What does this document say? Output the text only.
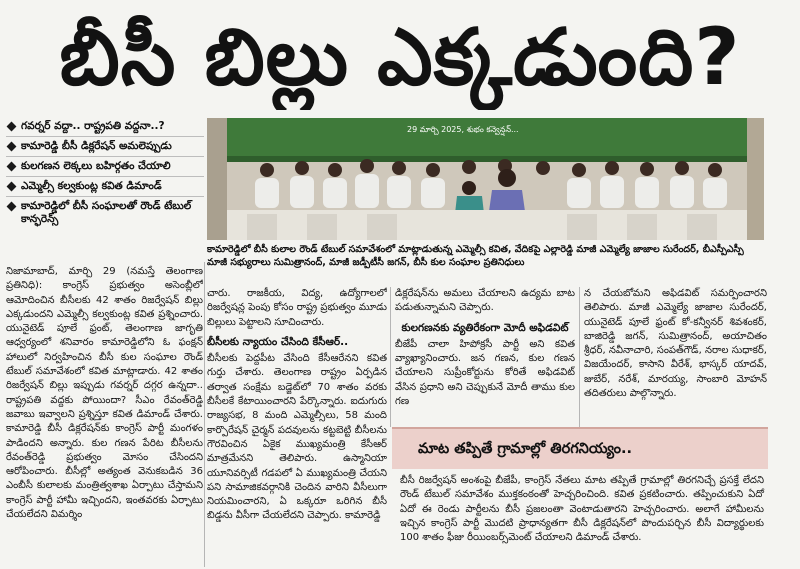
బీసీ బిల్లు ఎక్కడుంది?
గవర్నర్ వద్దా.. రాష్ట్రపతి వద్దనా..?
కామారెడ్డి బీసీ డిక్లరేషన్ అమలెప్పుడు
కులగణన లెక్కలు బహిర్గతం చేయాలి
ఎమ్మెల్సీ కల్వకుంట్ల కవిత డిమాండ్
కామారెడ్డిలో బీసీ సంఘాలతో రౌండ్ టేబుల్ కాన్ఫరెన్స్
29 మార్చి 2025, శుభం కన్వెన్షన్...
కామారెడ్డిలో బీసీ కులాల రౌండ్ టేబుల్ సమావేశంలో మాట్లాడుతున్న ఎమ్మెల్సీ కవిత, వేదికపై ఎల్లారెడ్డి మాజీ ఎమ్మెల్యే జాజాల సురేందర్, బీఎస్పీఎస్పీ మాజీ సభ్యురాలు సుమిత్రానంద్, మాజీ జడ్పీటీసీ జగన్, బీసీ కుల సంఘాల ప్రతినిధులు

నిజామాబాద్, మార్చి 29 (నమస్తే తెలంగాణ ప్రతినిధి): కాంగ్రెస్ ప్రభుత్వం అసెంబ్లీలో ఆమోదించిన బీసీలకు 42 శాతం రిజర్వేషన్ బిల్లు ఎక్కడుందని ఎమ్మెల్సీ కల్వకుంట్ల కవిత ప్రశ్నించారు. యునైటెడ్ పూలే ఫ్రంట్, తెలంగాణ జాగృతి ఆధ్వర్యంలో శనివారం కామారెడ్డిలోని ఓ ఫంక్షన్ హాలులో నిర్వహించిన బీసీ కుల సంఘాల రౌండ్ టేబుల్ సమావేశంలో కవిత మాట్లాడారు. 42 శాతం రిజర్వేషన్ బిల్లు ఇప్పుడు గవర్నర్ దగ్గర ఉన్నదా.. రాష్ట్రపతి వద్దకు పోయిందా? సీఎం రేవంత్‌రెడ్డి జవాబు ఇవ్వాలని ప్రశ్నిస్తూ కవిత డిమాండ్ చేశారు. కామారెడ్డి బీసీ డిక్లరేషన్‌కు కాంగ్రెస్ పార్టీ మంగళం పాడిందని అన్నారు. కుల గణన పేరిట బీసీలను రేవంత్‌రెడ్డి ప్రభుత్వం మోసం చేసిందని ఆరోపించారు. బీసీల్లో అత్యంత వెనుకబడిన 36 ఎంబీసీ కులాలకు మంత్రిత్వశాఖ ఏర్పాటు చేస్తామని కాంగ్రెస్ పార్టీ హామీ ఇచ్చిందని, ఇంతవరకు ఏర్పాటు చేయలేదని విమర్శిం

చారు. రాజకీయ, విద్య, ఉద్యోగాలలో రిజర్వేషన్ల పెంపు కోసం రాష్ట్ర ప్రభుత్వం మూడు బిల్లులు పెట్టాలని సూచించారు.

బీసీలకు న్యాయం చేసింది కేసీఆర్..

బీసీలకు పెద్దపీట వేసింది కేసీఆరేనని కవిత గుర్తు చేశారు. తెలంగాణ రాష్ట్రం ఏర్పడిన తర్వాత సంక్షేమ బడ్జెట్‌లో 70 శాతం వరకు బీసీలకే కేటాయించారని పేర్కొన్నారు. ఐదుగురు రాజ్యసభ, 8 మంది ఎమ్మెల్సీలు, 58 మంది కార్పొరేషన్ చైర్మన్ పదవులను కట్టబెట్టి బీసీలను గౌరవించిన ఏకైక ముఖ్యమంత్రి కేసీఆర్ మాత్రమేనని తెలిపారు. ఉస్మానియా యూనివర్సిటీ గడపలో ఏ ముఖ్యమంత్రి చేయని పని సామాజికవర్గానికి చెందిన వారిని వీసీలుగా నియమించారని, ఏ ఒక్కరూ ఒరిగిన బీసీ బిడ్డను వీసీగా చేయలేదని చెప్పారు. కామారెడ్డి

డిక్లరేషన్‌ను అమలు చేయాలని ఉద్యమ బాట పడుతున్నామని చెప్పారు.

కులగణనకు వ్యతిరేకంగా మోదీ అఫిడవిట్

బీజేపీ చాలా హిపోక్రసీ పార్టీ అని కవిత వ్యాఖ్యానించారు. జన గణన, కుల గణన చేయాలని సుప్రీంకోర్టును కోరితే అఫిడవిట్ వేసిన ప్రధాని అని చెప్పుకునే మోదీ తాము కుల గణ

న చేయబోమని అఫిడవిట్ సమర్పించారని తెలిపారు. మాజీ ఎమ్మెల్యే జాజాల సురేందర్, యునైటెడ్ పూలే ఫ్రంట్ కో-కన్వీనర్ శివశంకర్, బాజిరెడ్డి జగన్, సుమిత్రానంద్, అయాచితం శ్రీధర్, నవీనాచారి, సంపత్‌గౌడ్, నరాల సుధాకర్, విజయేందర్, కాసాని వీరేశ్, భాస్కర్ యాదవ్, జుబేర్, నరేశ్, మారయ్య, సాంబారి మోహన్ తదితరులు పాల్గొన్నారు.

మాట తప్పితే గ్రామాల్లో తిరగనియ్యం..
బీసీ రిజర్వేషన్ అంశంపై బీజేపీ, కాంగ్రెస్ నేతలు మాట తప్పితే గ్రామాల్లో తిరగనిచ్చే ప్రసక్తే లేదని రౌండ్ టేబుల్ సమావేశం ముక్తకంఠంతో హెచ్చరించింది. కవిత ప్రకటించారు. తప్పించుకుని ఏదో ఏదో ఈ రెండు పార్టీలను బీసీ ప్రజలంతా వెంటాడుతారని హెచ్చరించారు. అలాగే హామీలను ఇచ్చిన కాంగ్రెస్ పార్టీ మొదటి ప్రాధాన్యతగా బీసీ డిక్లరేషన్‌లో పొందుపర్చిన బీసీ విద్యార్థులకు 100 శాతం ఫీజు రీయింబర్స్‌మెంట్ చేయాలని డిమాండ్ చేశారు.
